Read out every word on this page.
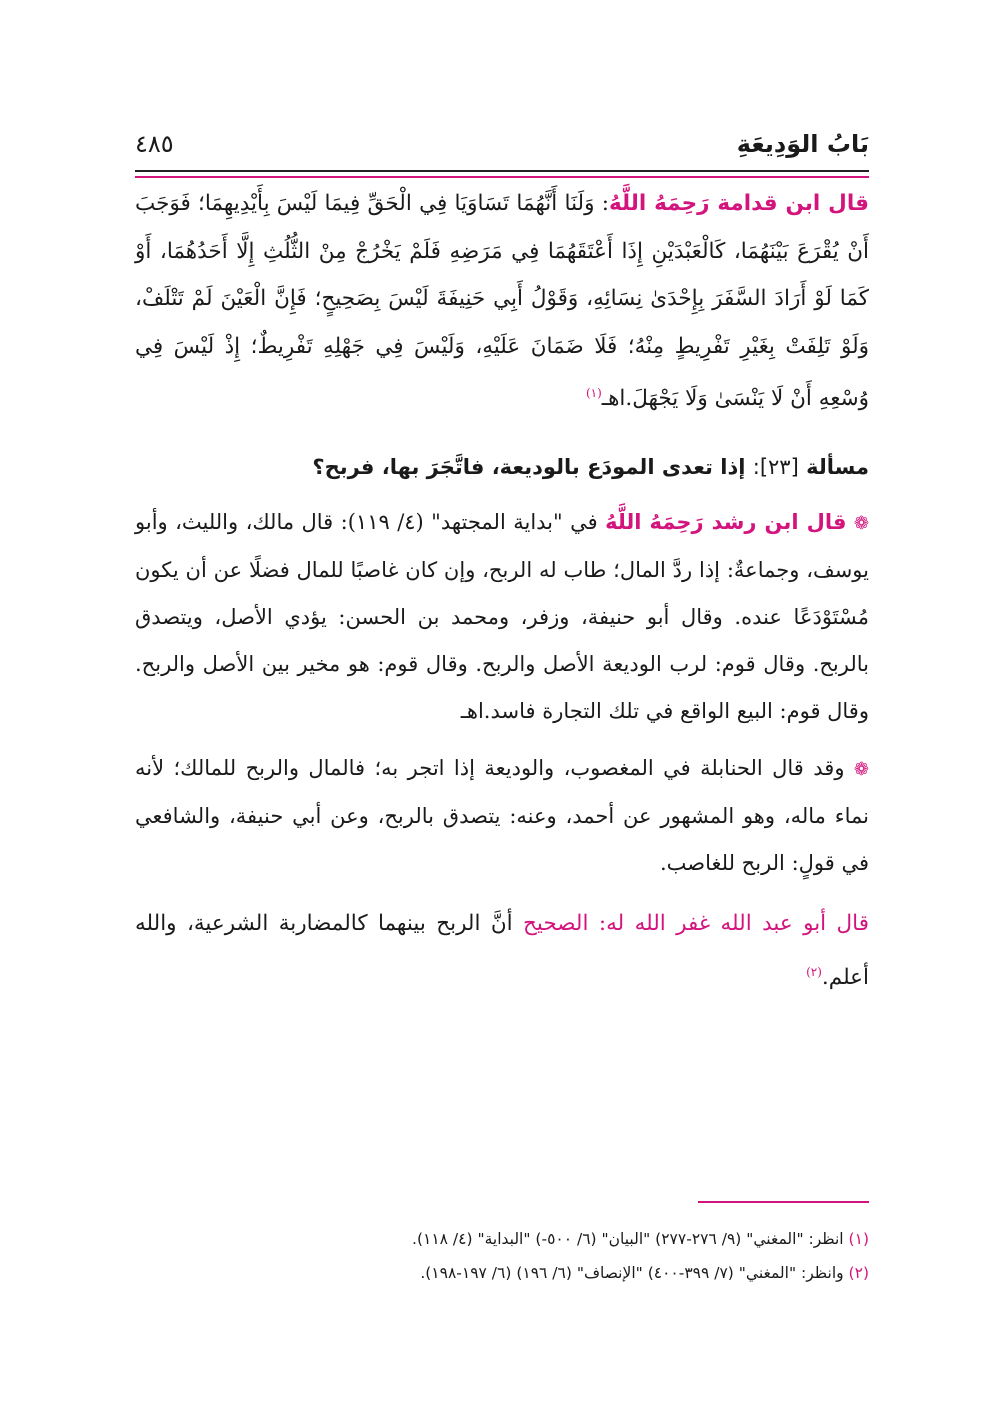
بَابُ الوَدِيعَةِ
٤٨٥

قال ابن قدامة رَحِمَهُ اللَّهُ: وَلَنَا أَنَّهُمَا تَسَاوَيَا فِي الْحَقِّ فِيمَا لَيْسَ بِأَيْدِيهِمَا؛ فَوَجَبَ أَنْ يُقْرَعَ بَيْنَهُمَا، كَالْعَبْدَيْنِ إِذَا أَعْتَقَهُمَا فِي مَرَضِهِ فَلَمْ يَخْرُجْ مِنْ الثُّلُثِ إِلَّا أَحَدُهُمَا، أَوْ كَمَا لَوْ أَرَادَ السَّفَرَ بِإِحْدَىٰ نِسَائِهِ، وَقَوْلُ أَبِي حَنِيفَةَ لَيْسَ بِصَحِيحٍ؛ فَإِنَّ الْعَيْنَ لَمْ تَتْلَفْ، وَلَوْ تَلِفَتْ بِغَيْرِ تَفْرِيطٍ مِنْهُ؛ فَلَا ضَمَانَ عَلَيْهِ، وَلَيْسَ فِي جَهْلِهِ تَفْرِيطٌ؛ إِذْ لَيْسَ فِي وُسْعِهِ أَنْ لَا يَنْسَىٰ وَلَا يَجْهَلَ.اهـ$^{(١)}$

مسألة [٢٣]: إذا تعدى المودَع بالوديعة، فاتَّجَرَ بها، فربح؟

❁ قال ابن رشد رَحِمَهُ اللَّهُ في "بداية المجتهد" (٤/ ١١٩): قال مالك، والليث، وأبو يوسف، وجماعةٌ: إذا ردَّ المال؛ طاب له الربح، وإن كان غاصبًا للمال فضلًا عن أن يكون مُسْتَوْدَعًا عنده. وقال أبو حنيفة، وزفر، ومحمد بن الحسن: يؤدي الأصل، ويتصدق بالربح. وقال قوم: لرب الوديعة الأصل والربح. وقال قوم: هو مخير بين الأصل والربح. وقال قوم: البيع الواقع في تلك التجارة فاسد.اهـ

❁ وقد قال الحنابلة في المغصوب، والوديعة إذا اتجر به؛ فالمال والربح للمالك؛ لأنه نماء ماله، وهو المشهور عن أحمد، وعنه: يتصدق بالربح، وعن أبي حنيفة، والشافعي في قولٍ: الربح للغاصب.

قال أبو عبد الله غفر الله له: الصحيح أنَّ الربح بينهما كالمضاربة الشرعية، والله أعلم.$^{(٢)}$

(١) انظر: "المغني" (٩/ ٢٧٦-٢٧٧) "البيان" (٦/ ٥٠٠-) "البداية" (٤/ ١١٨).

(٢) وانظر: "المغني" (٧/ ٣٩٩-٤٠٠) "الإنصاف" (٦/ ١٩٦) (٦/ ١٩٧-١٩٨).
